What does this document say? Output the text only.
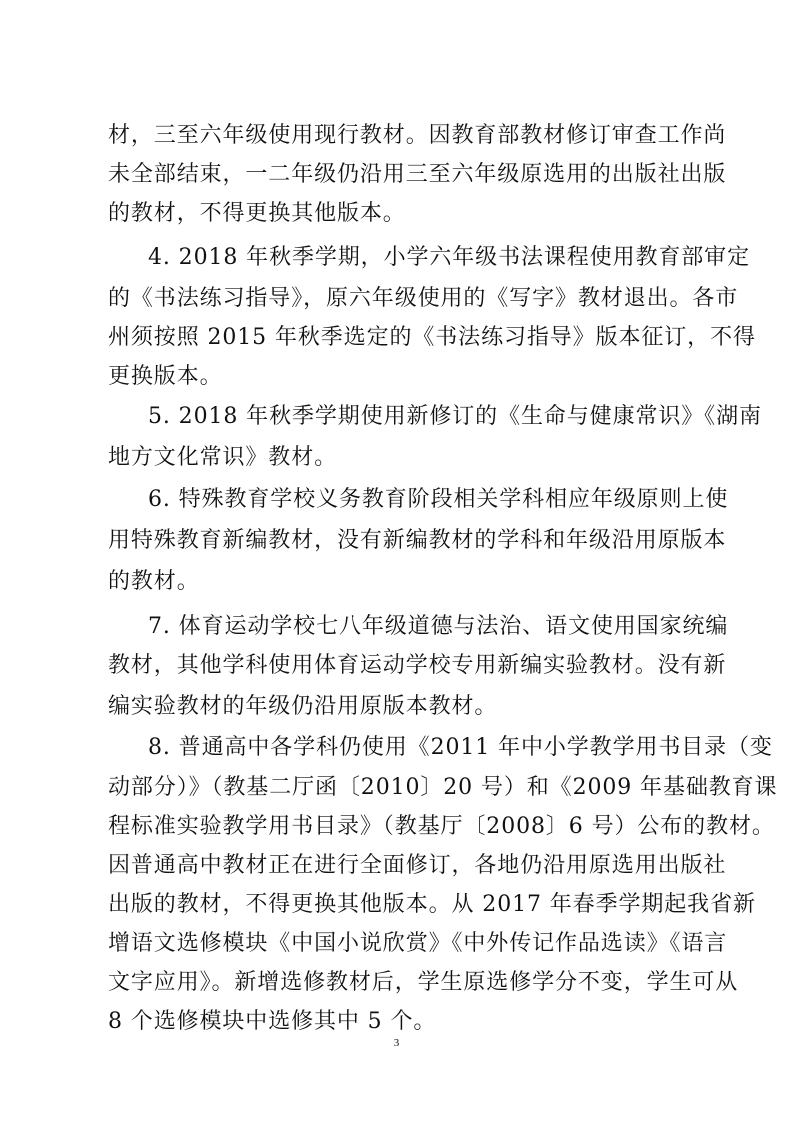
材，三至六年级使用现行教材。因教育部教材修订审查工作尚
未全部结束，一二年级仍沿用三至六年级原选用的出版社出版
的教材，不得更换其他版本。
4. 2018 年秋季学期，小学六年级书法课程使用教育部审定
的《书法练习指导》，原六年级使用的《写字》教材退出。各市
州须按照 2015 年秋季选定的《书法练习指导》版本征订，不得
更换版本。
5. 2018 年秋季学期使用新修订的《生命与健康常识》《湖南
地方文化常识》教材。
6. 特殊教育学校义务教育阶段相关学科相应年级原则上使
用特殊教育新编教材，没有新编教材的学科和年级沿用原版本
的教材。
7. 体育运动学校七八年级道德与法治、语文使用国家统编
教材，其他学科使用体育运动学校专用新编实验教材。没有新
编实验教材的年级仍沿用原版本教材。
8. 普通高中各学科仍使用《2011 年中小学教学用书目录（变
动部分）》（教基二厅函〔2010〕20 号）和《2009 年基础教育课
程标准实验教学用书目录》（教基厅〔2008〕6 号）公布的教材。
因普通高中教材正在进行全面修订，各地仍沿用原选用出版社
出版的教材，不得更换其他版本。从 2017 年春季学期起我省新
增语文选修模块《中国小说欣赏》《中外传记作品选读》《语言
文字应用》。新增选修教材后，学生原选修学分不变，学生可从
8 个选修模块中选修其中 5 个。
3
